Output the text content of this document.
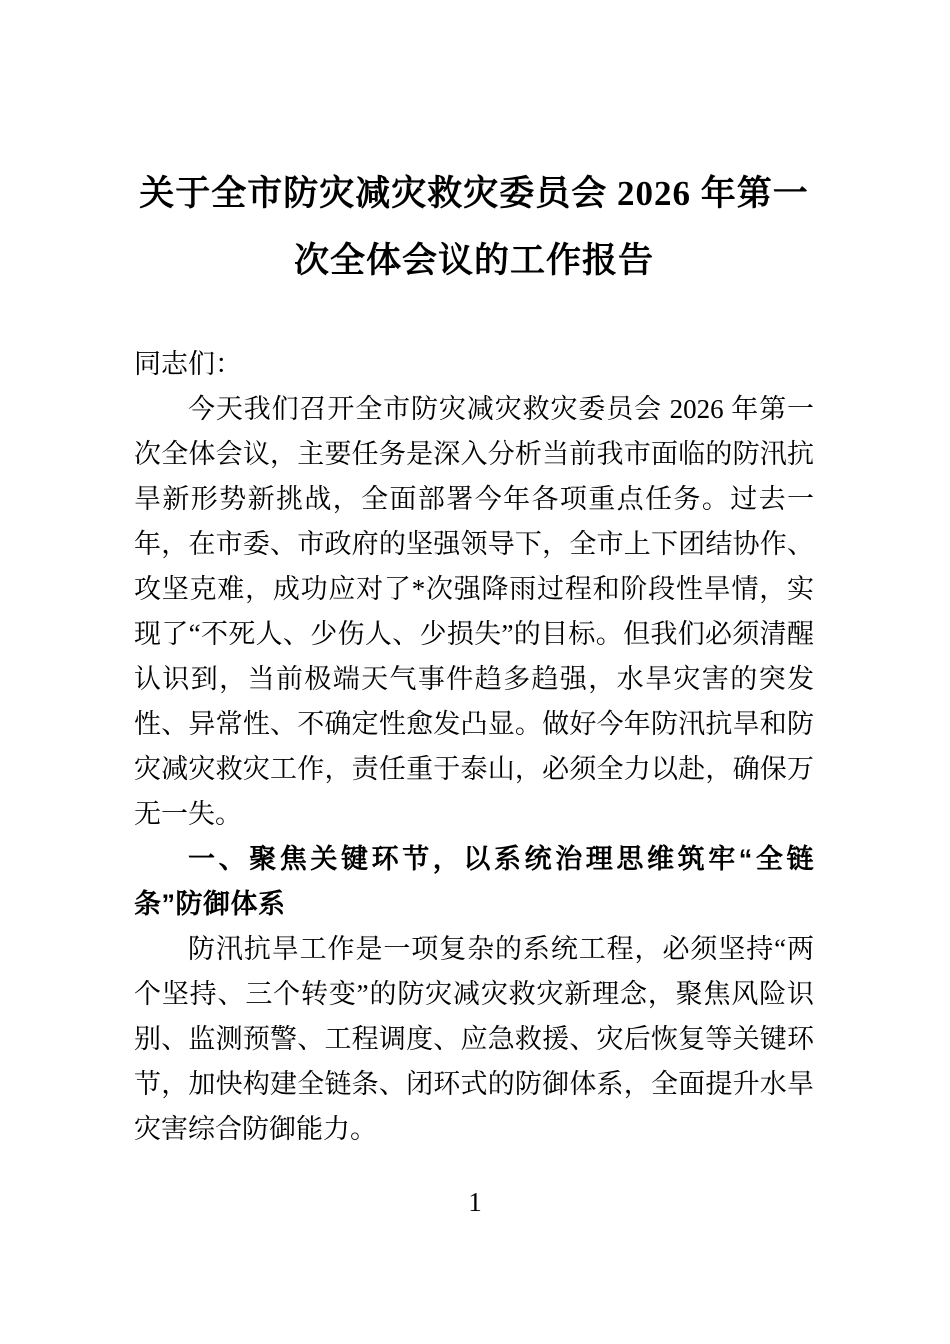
关于全市防灾减灾救灾委员会 2026 年第一
次全体会议的工作报告

同志们：

今天我们召开全市防灾减灾救灾委员会 2026 年第一次全体会议，主要任务是深入分析当前我市面临的防汛抗旱新形势新挑战，全面部署今年各项重点任务。过去一年，在市委、市政府的坚强领导下，全市上下团结协作、攻坚克难，成功应对了*次强降雨过程和阶段性旱情，实现了“不死人、少伤人、少损失”的目标。但我们必须清醒认识到，当前极端天气事件趋多趋强，水旱灾害的突发性、异常性、不确定性愈发凸显。做好今年防汛抗旱和防灾减灾救灾工作，责任重于泰山，必须全力以赴，确保万无一失。

一、聚焦关键环节，以系统治理思维筑牢“全链条”防御体系

防汛抗旱工作是一项复杂的系统工程，必须坚持“两个坚持、三个转变”的防灾减灾救灾新理念，聚焦风险识别、监测预警、工程调度、应急救援、灾后恢复等关键环节，加快构建全链条、闭环式的防御体系，全面提升水旱灾害综合防御能力。

1
